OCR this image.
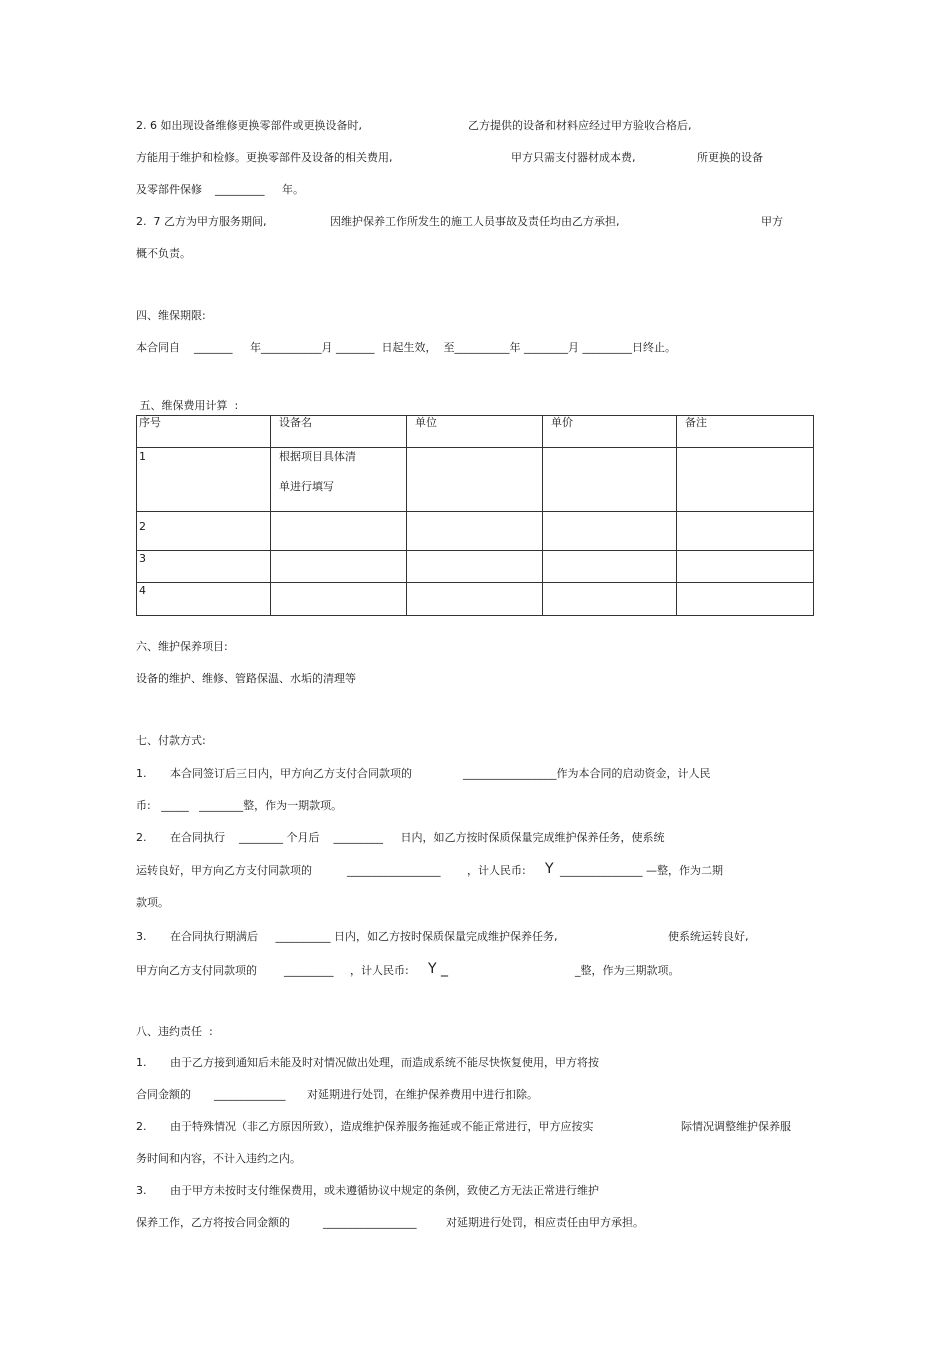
2. 6 如出现设备维修更换零部件或更换设备时,	乙方提供的设备和材料应经过甲方验收合格后,
方能用于维护和检修。更换零部件及设备的相关费用,	甲方只需支付器材成本费,	所更换的设备
及零部件保修 _________ 年。
2.  7 乙方为甲方服务期间,	因维护保养工作所发生的施工人员事故及责任均由乙方承担,	甲方
概不负责。
四、维保期限:
本合同自    _______     年___________月 _______  日起生效，  至__________年 ________月 _________日终止。
五、维保费用计算  :
序号	设备名	单位	单价	备注
1	根据项目具体清
单进行填写			

2				
3				
4				
六、维护保养项目:
设备的维护、维修、管路保温、水垢的清理等
七、付款方式:
1. 本合同签订后三日内，甲方向乙方支付合同款项的	_________________作为本合同的启动资金，计人民
币:   _____   ________整，作为一期款项。
2. 在合同执行    ________ 个月后    _________     日内，如乙方按时保质保量完成维护保养任务，使系统
运转良好，甲方向乙方支付同款项的	_________________ ，计人民币: Y _______________ —整，作为二期
款项。
3. 在合同执行期满后     __________ 日内，如乙方按时保质保量完成维护保养任务,	使系统运转良好,
甲方向乙方支付同款项的 _________ ，计人民币: Y _	_整，作为三期款项。
八、违约责任  :
1. 由于乙方接到通知后未能及时对情况做出处理，而造成系统不能尽快恢复使用，甲方将按
合同金额的 _____________ 对延期进行处罚，在维护保养费用中进行扣除。
2. 由于特殊情况（非乙方原因所致），造成维护保养服务拖延或不能正常进行，甲方应按实	际情况调整维护保养服
务时间和内容，不计入违约之内。
3. 由于甲方未按时支付维保费用，或未遵循协议中规定的条例，致使乙方无法正常进行维护
保养工作，乙方将按合同金额的	_________________	对延期进行处罚，相应责任由甲方承担。
